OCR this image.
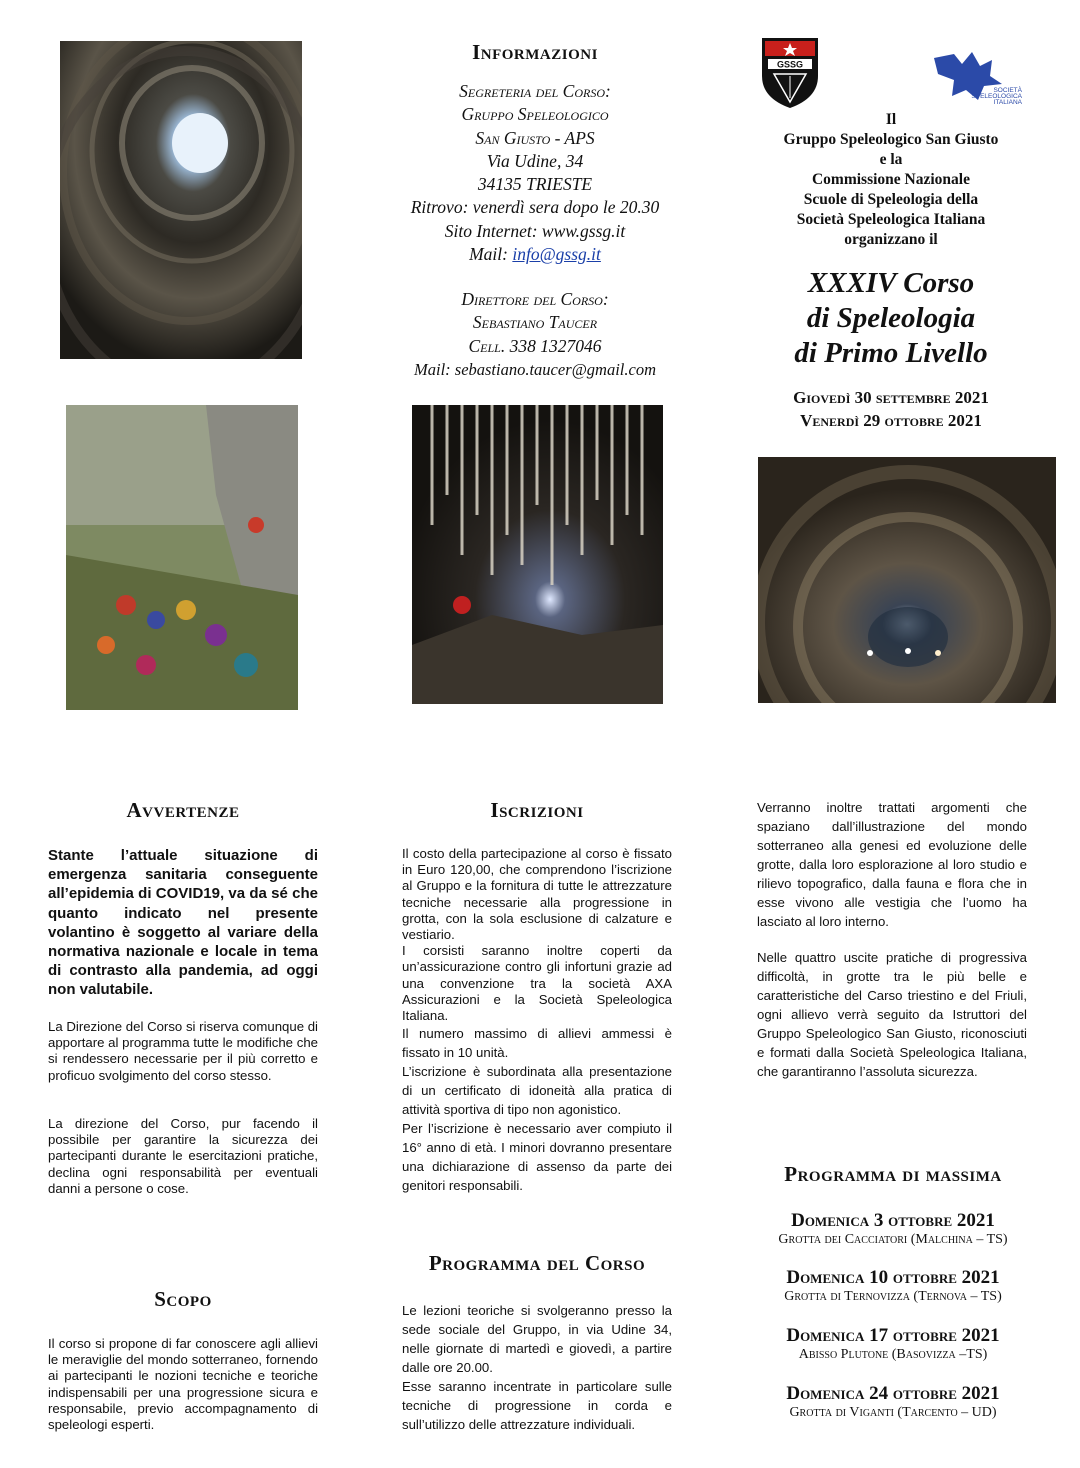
Informazioni
Segreteria del Corso:
Gruppo Speleologico
San Giusto - APS
Via Udine, 34
34135 TRIESTE
Ritrovo: venerdì sera dopo le 20.30
Sito Internet: www.gssg.it
Mail: info@gssg.it
Direttore del Corso:
Sebastiano Taucer
Cell. 338 1327046
Mail: sebastiano.taucer@gmail.com
GSSG
SOCIETÀ
SPELEOLOGICA
ITALIANA
Il
Gruppo Speleologico San Giusto
e la
Commissione Nazionale
Scuole di Speleologia della
Società Speleologica Italiana
organizzano il
XXXIV Corso
di Speleologia
di Primo Livello
Giovedì 30 settembre 2021
Venerdì 29 ottobre 2021
Avvertenze
Stante l’attuale situazione di emergenza sanitaria conseguente all’epidemia di COVID19, va da sé che quanto indicato nel presente volantino è soggetto al variare della normativa nazionale e locale in tema di contrasto alla pandemia, ad oggi non valutabile.
La Direzione del Corso si riserva comunque di apportare al programma tutte le modifiche che si rendessero necessarie per il più corretto e proficuo svolgimento del corso stesso.
La direzione del Corso, pur facendo il possibile per garantire la sicurezza dei partecipanti durante le esercitazioni pratiche, declina ogni responsabilità per eventuali danni a persone o cose.
Scopo
Il corso si propone di far conoscere agli allievi le meraviglie del mondo sotterraneo, fornendo ai partecipanti le nozioni tecniche e teoriche indispensabili per una progressione sicura e responsabile, previo accompagnamento di speleologi esperti.
Iscrizioni
Il costo della partecipazione al corso è fissato in Euro 120,00, che comprendono l’iscrizione al Gruppo e la fornitura di tutte le attrezzature tecniche necessarie alla progressione in grotta, con la sola esclusione di calzature e vestiario.
I corsisti saranno inoltre coperti da un’assicurazione contro gli infortuni grazie ad una convenzione tra la società AXA Assicurazioni e la Società Speleologica Italiana.
Il numero massimo di allievi ammessi è fissato in 10 unità.
L’iscrizione è subordinata alla presentazione di un certificato di idoneità alla pratica di attività sportiva di tipo non agonistico.
Per l’iscrizione è necessario aver compiuto il 16° anno di età. I minori dovranno presentare una dichiarazione di assenso da parte dei genitori responsabili.
Programma del Corso
Le lezioni teoriche si svolgeranno presso la sede sociale del Gruppo, in via Udine 34, nelle giornate di martedì e giovedì, a partire dalle ore 20.00.
Esse saranno incentrate in particolare sulle tecniche di progressione in corda e sull’utilizzo delle attrezzature individuali.
Verranno inoltre trattati argomenti che spaziano dall’illustrazione del mondo sotterraneo alla genesi ed evoluzione delle grotte, dalla loro esplorazione al loro studio e rilievo topografico, dalla fauna e flora che in esse vivono alle vestigia che l’uomo ha lasciato al loro interno.
Nelle quattro uscite pratiche di progressiva difficoltà, in grotte tra le più belle e caratteristiche del Carso triestino e del Friuli, ogni allievo verrà seguito da Istruttori del Gruppo Speleologico San Giusto, riconosciuti e formati dalla Società Speleologica Italiana, che garantiranno l’assoluta sicurezza.
Programma di massima
Domenica 3 ottobre 2021
Grotta dei Cacciatori (Malchina – TS)
Domenica 10 ottobre 2021
Grotta di Ternovizza (Ternova – TS)
Domenica 17 ottobre 2021
Abisso Plutone (Basovizza –TS)
Domenica 24 ottobre 2021
Grotta di Viganti (Tarcento – UD)
